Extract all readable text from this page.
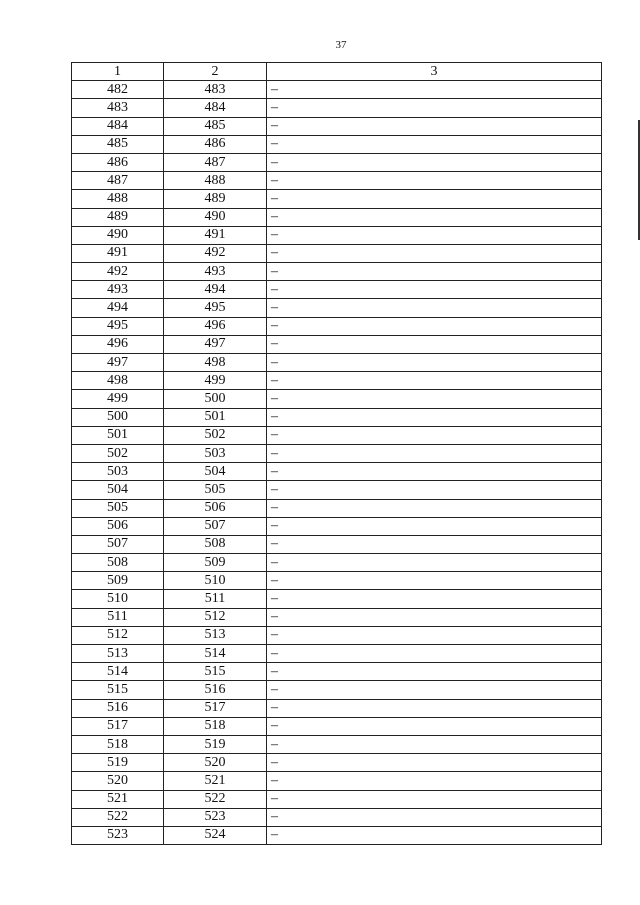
37
1	2	3
482	483	–
483	484	–
484	485	–
485	486	–
486	487	–
487	488	–
488	489	–
489	490	–
490	491	–
491	492	–
492	493	–
493	494	–
494	495	–
495	496	–
496	497	–
497	498	–
498	499	–
499	500	–
500	501	–
501	502	–
502	503	–
503	504	–
504	505	–
505	506	–
506	507	–
507	508	–
508	509	–
509	510	–
510	511	–
511	512	–
512	513	–
513	514	–
514	515	–
515	516	–
516	517	–
517	518	–
518	519	–
519	520	–
520	521	–
521	522	–
522	523	–
523	524	–
